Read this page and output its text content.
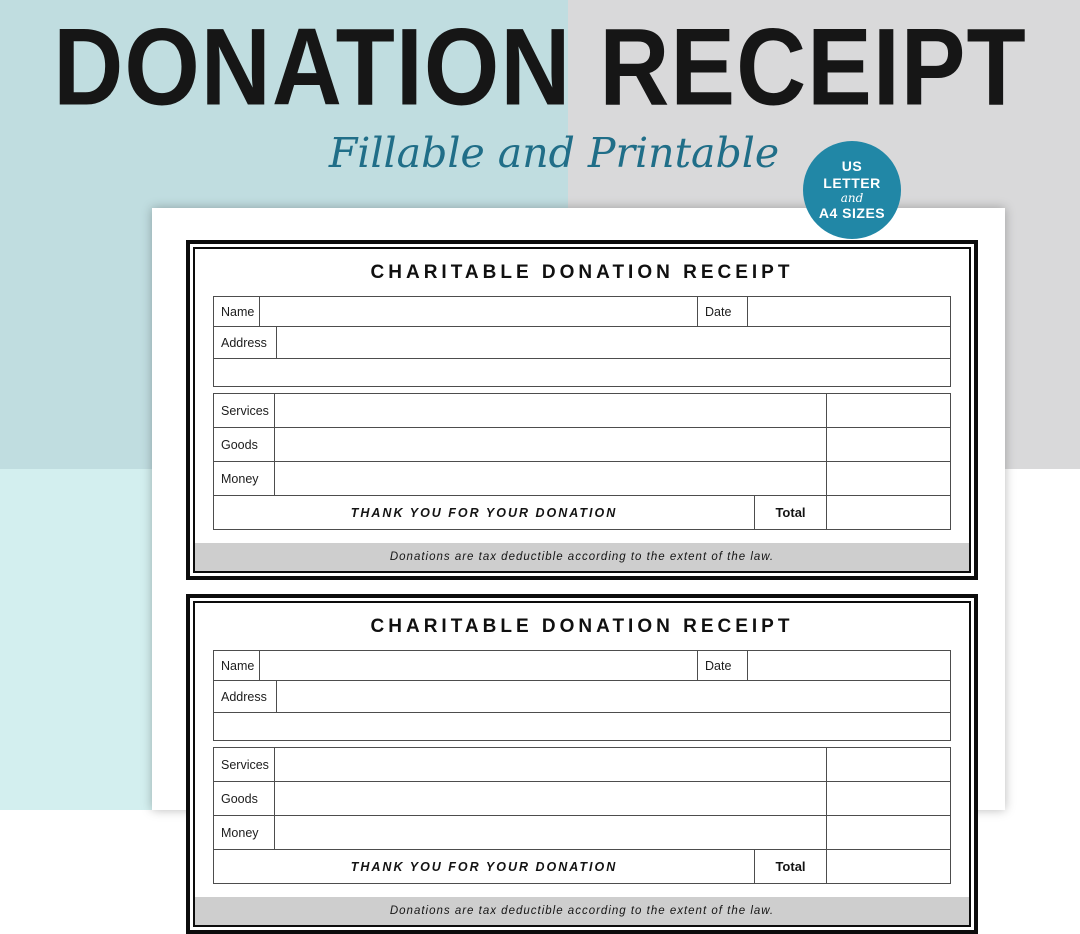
DONATION RECEIPT
Fillable and Printable	US
LETTER
and
A4 SIZES
CHARITABLE DONATION RECEIPT
Name	Date
Address
Services
Goods
Money
THANK YOU FOR YOUR DONATION	Total
Donations are tax deductible according to the extent of the law.
CHARITABLE DONATION RECEIPT
Name	Date
Address
Services
Goods
Money
THANK YOU FOR YOUR DONATION	Total
Donations are tax deductible according to the extent of the law.
